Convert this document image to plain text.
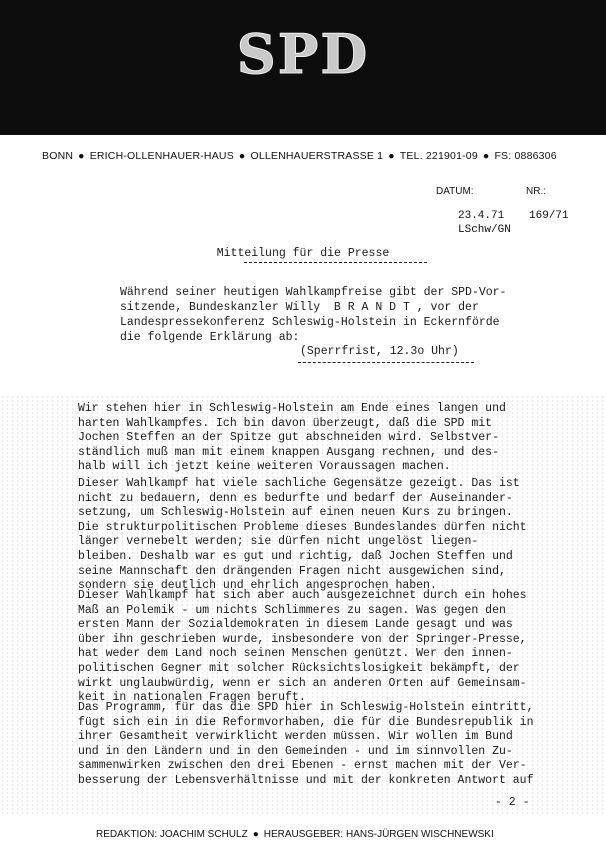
SPD
BONN ● ERICH-OLLENHAUER-HAUS ● OLLENHAUERSTRASSE 1 ● TEL. 221901-09 ● FS: 0886306
DATUM:	NR.:
23.4.71 169/71
LSchw/GN
Mitteilung für die Presse
Während seiner heutigen Wahlkampfreise gibt der SPD-Vor-
sitzende, Bundeskanzler Willy  B R A N D T , vor der
Landespressekonferenz Schleswig-Holstein in Eckernförde
die folgende Erklärung ab:
(Sperrfrist, 12.3o Uhr)
Wir stehen hier in Schleswig-Holstein am Ende eines langen und
harten Wahlkampfes. Ich bin davon überzeugt, daß die SPD mit
Jochen Steffen an der Spitze gut abschneiden wird. Selbstver-
ständlich muß man mit einem knappen Ausgang rechnen, und des-
halb will ich jetzt keine weiteren Voraussagen machen.
Dieser Wahlkampf hat viele sachliche Gegensätze gezeigt. Das ist
nicht zu bedauern, denn es bedurfte und bedarf der Auseinander-
setzung, um Schleswig-Holstein auf einen neuen Kurs zu bringen.
Die strukturpolitischen Probleme dieses Bundeslandes dürfen nicht
länger vernebelt werden; sie dürfen nicht ungelöst liegen-
bleiben. Deshalb war es gut und richtig, daß Jochen Steffen und
seine Mannschaft den drängenden Fragen nicht ausgewichen sind,
sondern sie deutlich und ehrlich angesprochen haben.
Dieser Wahlkampf hat sich aber auch ausgezeichnet durch ein hohes
Maß an Polemik - um nichts Schlimmeres zu sagen. Was gegen den
ersten Mann der Sozialdemokraten in diesem Lande gesagt und was
über ihn geschrieben wurde, insbesondere von der Springer-Presse,
hat weder dem Land noch seinen Menschen genützt. Wer den innen-
politischen Gegner mit solcher Rücksichtslosigkeit bekämpft, der
wirkt unglaubwürdig, wenn er sich an anderen Orten auf Gemeinsam-
keit in nationalen Fragen beruft.
Das Programm, für das die SPD hier in Schleswig-Holstein eintritt,
fügt sich ein in die Reformvorhaben, die für die Bundesrepublik in
ihrer Gesamtheit verwirklicht werden müssen. Wir wollen im Bund
und in den Ländern und in den Gemeinden - und im sinnvollen Zu-
sammenwirken zwischen den drei Ebenen - ernst machen mit der Ver-
besserung der Lebensverhältnisse und mit der konkreten Antwort auf
- 2 -
REDAKTION: JOACHIM SCHULZ ● HERAUSGEBER: HANS-JÜRGEN WISCHNEWSKI
